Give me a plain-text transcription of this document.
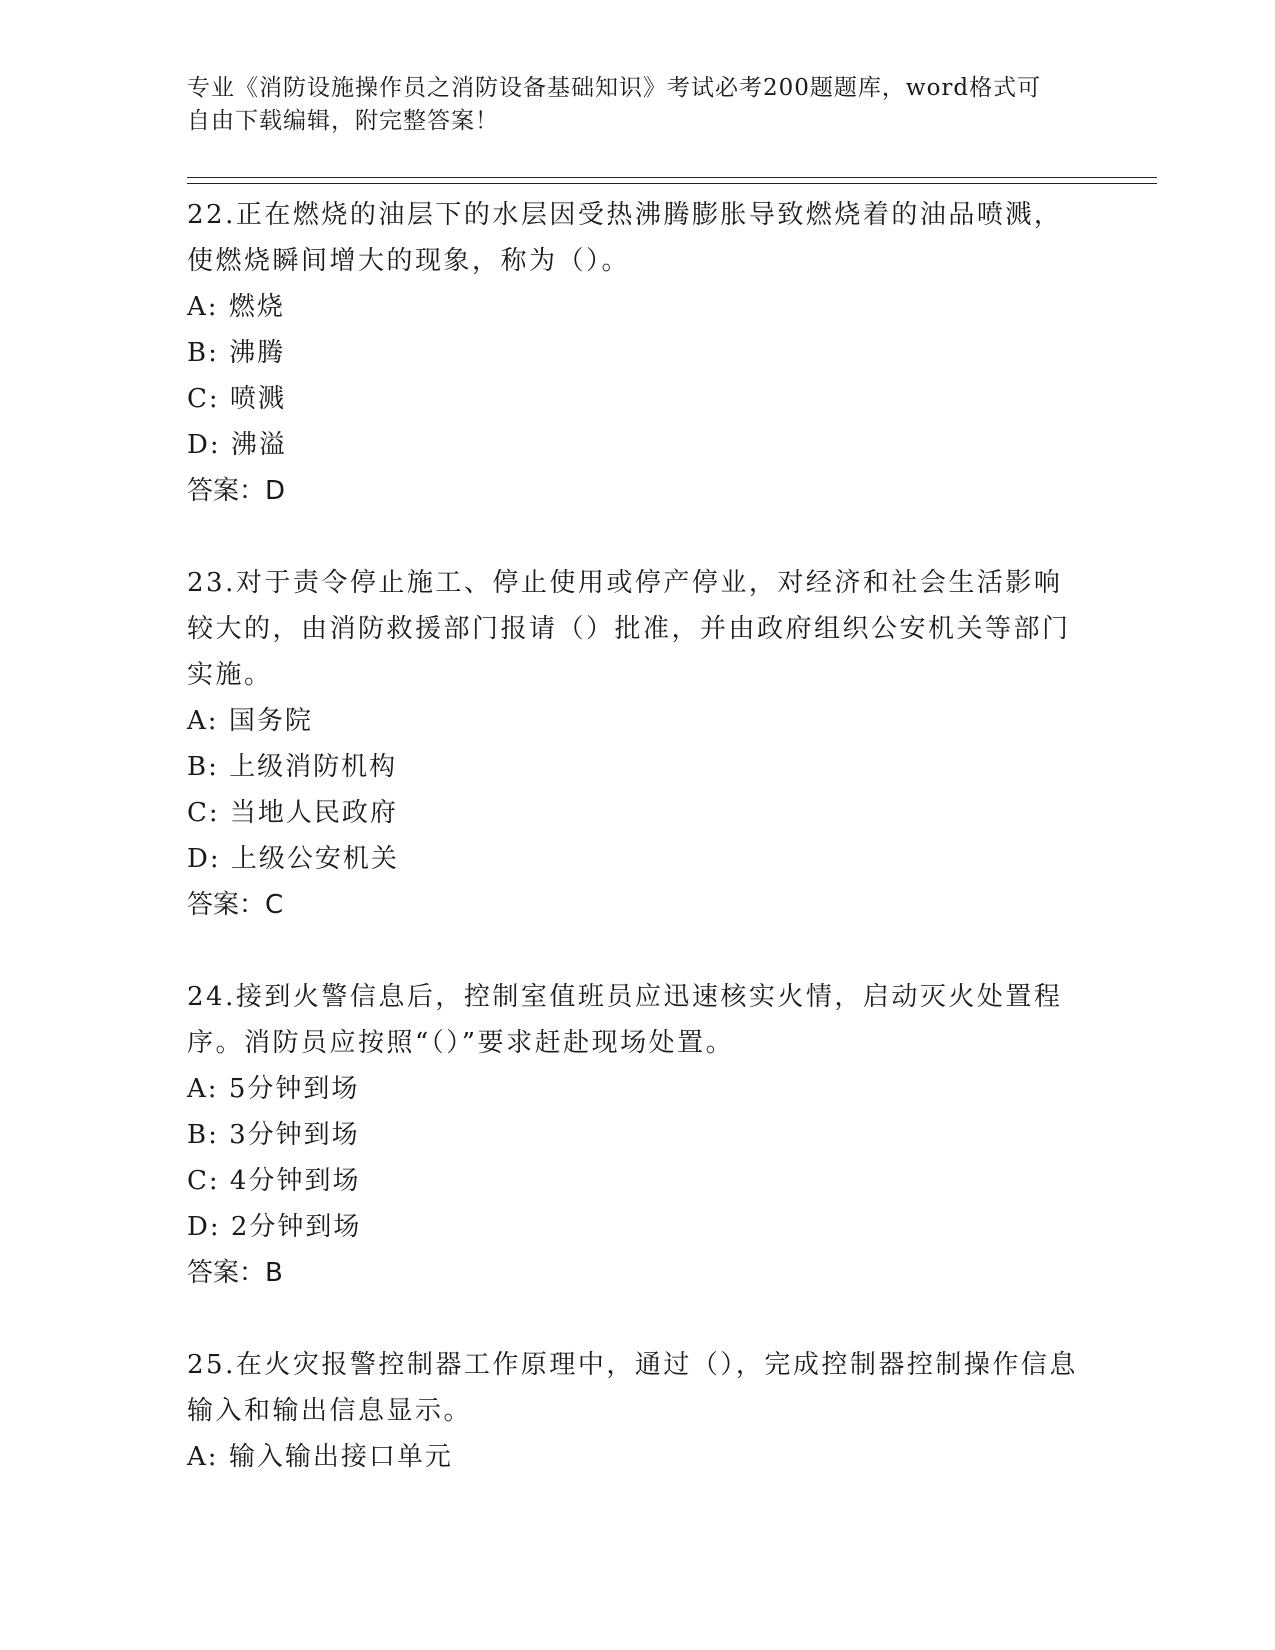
专业《消防设施操作员之消防设备基础知识》考试必考200题题库，word格式可
自由下载编辑，附完整答案！

22.正在燃烧的油层下的水层因受热沸腾膨胀导致燃烧着的油品喷溅，使燃烧瞬间增大的现象，称为（）。

A: 燃烧

B: 沸腾

C: 喷溅

D: 沸溢

答案：D

23.对于责令停止施工、停止使用或停产停业，对经济和社会生活影响较大的，由消防救援部门报请（）批准，并由政府组织公安机关等部门实施。

A: 国务院

B: 上级消防机构

C: 当地人民政府

D: 上级公安机关

答案：C

24.接到火警信息后，控制室值班员应迅速核实火情，启动灭火处置程序。消防员应按照“（）”要求赶赴现场处置。

A: 5分钟到场

B: 3分钟到场

C: 4分钟到场

D: 2分钟到场

答案：B

25.在火灾报警控制器工作原理中，通过（），完成控制器控制操作信息输入和输出信息显示。

A: 输入输出接口单元
